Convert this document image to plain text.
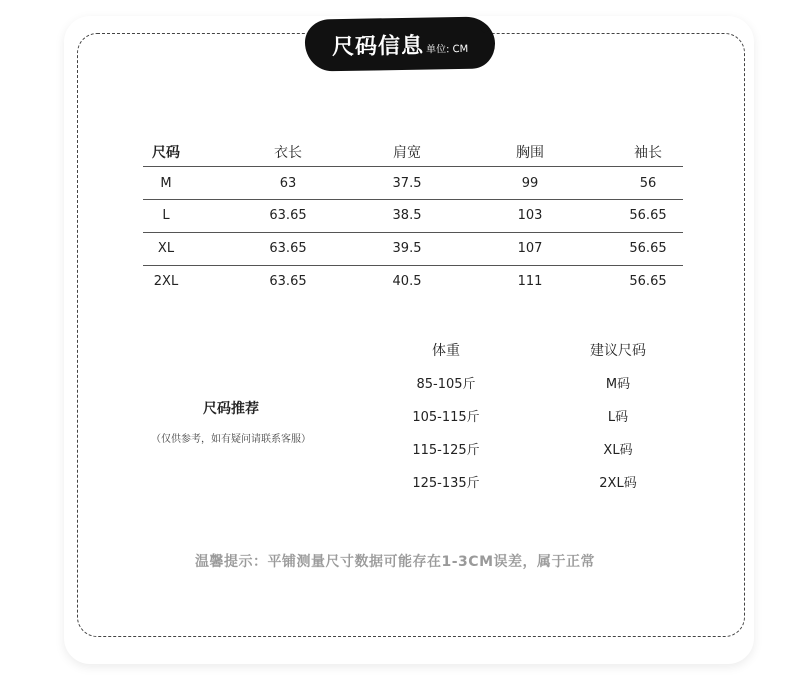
尺码信息 单位: CM
尺码	衣长	肩宽	胸围	袖长
M	63	37.5	99	56
L	63.65	38.5	103	56.65
XL	63.65	39.5	107	56.65
2XL	63.65	40.5	111	56.65
尺码推荐
（仅供参考，如有疑问请联系客服）
体重	建议尺码
85-105斤	M码
105-115斤	L码
115-125斤	XL码
125-135斤	2XL码
温馨提示：平铺测量尺寸数据可能存在1-3CM误差，属于正常
